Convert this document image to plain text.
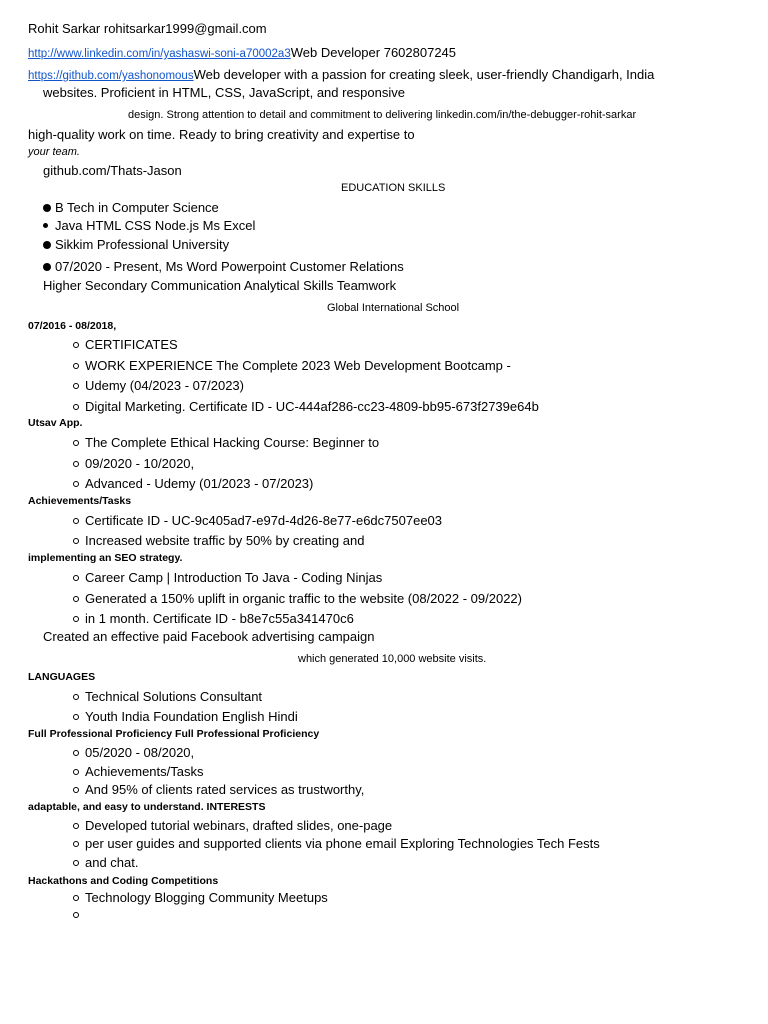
Rohit Sarkar rohitsarkar1999@gmail.com
http://www.linkedin.com/in/yashaswi-soni-a70002a3Web Developer 7602807245
https://github.com/yashonomousWeb developer with a passion for creating sleek, user-friendly Chandigarh, India
websites. Proficient in HTML, CSS, JavaScript, and responsive
design. Strong attention to detail and commitment to delivering linkedin.com/in/the-debugger-rohit-sarkar
high-quality work on time. Ready to bring creativity and expertise to
your team.
github.com/Thats-Jason
EDUCATION SKILLS
B Tech in Computer Science
Java HTML CSS Node.js Ms Excel
Sikkim Professional University
07/2020 - Present, Ms Word Powerpoint Customer Relations
Higher Secondary Communication Analytical Skills Teamwork
Global International School
07/2016 - 08/2018,
CERTIFICATES
WORK EXPERIENCE The Complete 2023 Web Development Bootcamp -
Udemy (04/2023 - 07/2023)
Digital Marketing. Certificate ID - UC-444af286-cc23-4809-bb95-673f2739e64b
Utsav App.
The Complete Ethical Hacking Course: Beginner to
09/2020 - 10/2020,
Advanced - Udemy (01/2023 - 07/2023)
Achievements/Tasks
Certificate ID - UC-9c405ad7-e97d-4d26-8e77-e6dc7507ee03
Increased website traffic by 50% by creating and
implementing an SEO strategy.
Career Camp | Introduction To Java - Coding Ninjas
Generated a 150% uplift in organic traffic to the website (08/2022 - 09/2022)
in 1 month. Certificate ID - b8e7c55a341470c6
Created an effective paid Facebook advertising campaign
which generated 10,000 website visits.
LANGUAGES
Technical Solutions Consultant
Youth India Foundation English Hindi
Full Professional Proficiency Full Professional Proficiency
05/2020 - 08/2020,
Achievements/Tasks
And 95% of clients rated services as trustworthy,
adaptable, and easy to understand. INTERESTS
Developed tutorial webinars, drafted slides, one-page
per user guides and supported clients via phone email Exploring Technologies Tech Fests
and chat.
Hackathons and Coding Competitions
Technology Blogging Community Meetups
